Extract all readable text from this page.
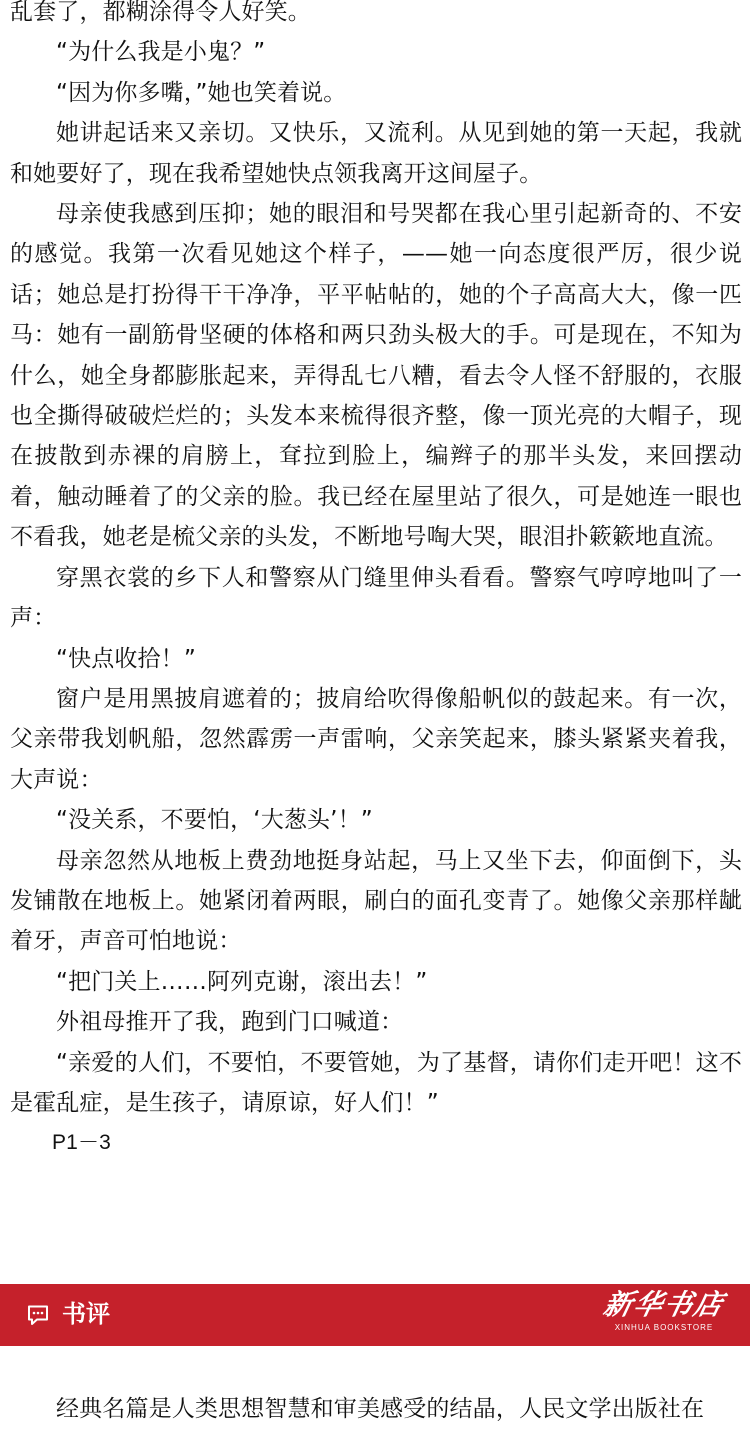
乱套了，都糊涂得令人好笑。

“为什么我是小鬼？”

“因为你多嘴，”她也笑着说。

她讲起话来又亲切。又快乐，又流利。从见到她的第一天起，我就和她要好了，现在我希望她快点领我离开这间屋子。

母亲使我感到压抑；她的眼泪和号哭都在我心里引起新奇的、不安的感觉。我第一次看见她这个样子，——她一向态度很严厉，很少说话；她总是打扮得干干净净，平平帖帖的，她的个子高高大大，像一匹马：她有一副筋骨坚硬的体格和两只劲头极大的手。可是现在，不知为什么，她全身都膨胀起来，弄得乱七八糟，看去令人怪不舒服的，衣服也全撕得破破烂烂的；头发本来梳得很齐整，像一顶光亮的大帽子，现在披散到赤裸的肩膀上，耷拉到脸上，编辫子的那半头发，来回摆动着，触动睡着了的父亲的脸。我已经在屋里站了很久，可是她连一眼也不看我，她老是梳父亲的头发，不断地号啕大哭，眼泪扑簌簌地直流。

穿黑衣裳的乡下人和警察从门缝里伸头看看。警察气哼哼地叫了一声：

“快点收拾！”

窗户是用黑披肩遮着的；披肩给吹得像船帆似的鼓起来。有一次，父亲带我划帆船，忽然霹雳一声雷响，父亲笑起来，膝头紧紧夹着我，大声说：

“没关系，不要怕，‘大葱头’！”

母亲忽然从地板上费劲地挺身站起，马上又坐下去，仰面倒下，头发铺散在地板上。她紧闭着两眼，刷白的面孔变青了。她像父亲那样龇着牙，声音可怕地说：

“把门关上……阿列克谢，滚出去！”

外祖母推开了我，跑到门口喊道：

“亲爱的人们，不要怕，不要管她，为了基督，请你们走开吧！这不是霍乱症，是生孩子，请原谅，好人们！”

P1－3

书评	新华书店
XINHUA BOOKSTORE

经典名篇是人类思想智慧和审美感受的结晶，人民文学出版社在
